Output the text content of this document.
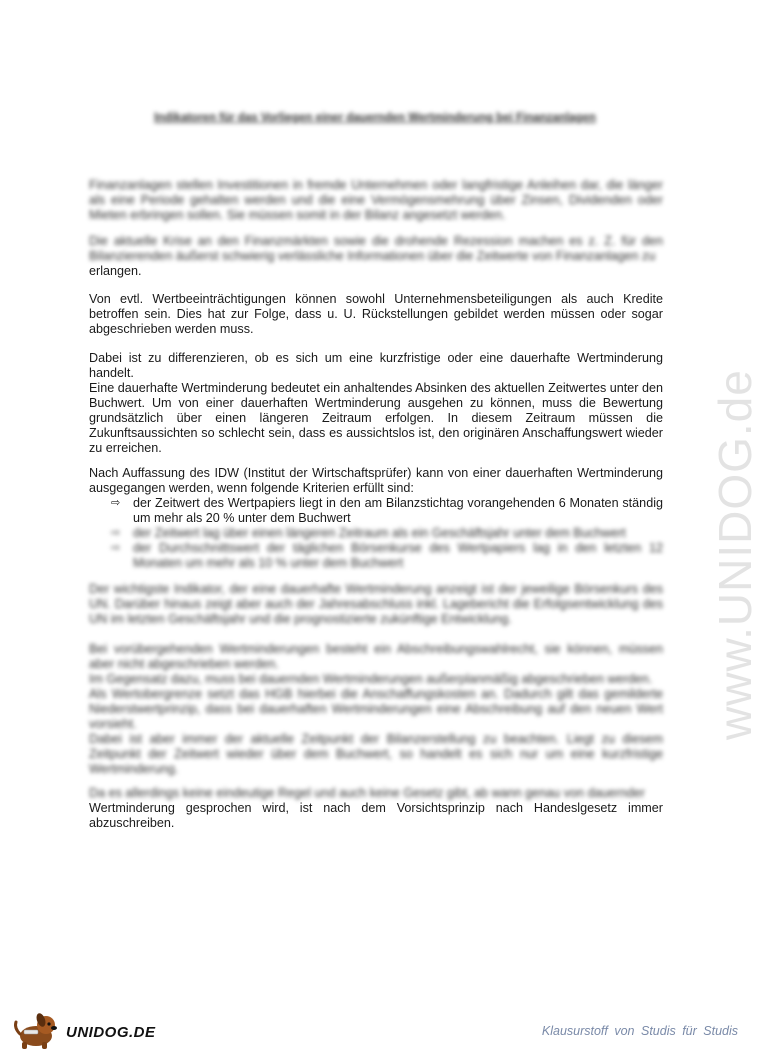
www.UNIDOG.de
Indikatoren für das Vorliegen einer dauernden Wertminderung bei Finanzanlagen

Finanzanlagen stellen Investitionen in fremde Unternehmen oder langfristige Anleihen dar, die länger als eine Periode gehalten werden und die eine Vermögensmehrung über Zinsen, Dividenden oder Mieten erbringen sollen. Sie müssen somit in der Bilanz angesetzt werden.

Die aktuelle Krise an den Finanzmärkten sowie die drohende Rezession machen es z. Z. für den Bilanzierenden äußerst schwierig verlässliche Informationen über die Zeitwerte von Finanzanlagen zu

erlangen.

Von evtl. Wertbeeinträchtigungen können sowohl Unternehmensbeteiligungen als auch Kredite betroffen sein. Dies hat zur Folge, dass u. U. Rückstellungen gebildet werden müssen oder sogar abgeschrieben werden muss.

Dabei ist zu differenzieren, ob es sich um eine kurzfristige oder eine dauerhafte Wertminderung handelt.

Eine dauerhafte Wertminderung bedeutet ein anhaltendes Absinken des aktuellen Zeitwertes unter den Buchwert. Um von einer dauerhaften Wertminderung ausgehen zu können, muss die Bewertung grundsätzlich über einen längeren Zeitraum erfolgen. In diesem Zeitraum müssen die Zukunftsaussichten so schlecht sein, dass es aussichtslos ist, den originären Anschaffungswert wieder zu erreichen.

Nach Auffassung des IDW (Institut der Wirtschaftsprüfer) kann von einer dauerhaften Wertminderung ausgegangen werden, wenn folgende Kriterien erfüllt sind:

⇨ der Zeitwert des Wertpapiers liegt in den am Bilanzstichtag vorangehenden 6 Monaten ständig um mehr als 20 % unter dem Buchwert
⇨ der Zeitwert lag über einen längeren Zeitraum als ein Geschäftsjahr unter dem Buchwert
⇨ der Durchschnittswert der täglichen Börsenkurse des Wertpapiers lag in den letzten 12 Monaten um mehr als 10 % unter dem Buchwert

Der wichtigste Indikator, der eine dauerhafte Wertminderung anzeigt ist der jeweilige Börsenkurs des UN. Darüber hinaus zeigt aber auch der Jahresabschluss inkl. Lagebericht die Erfolgsentwicklung des UN im letzten Geschäftsjahr und die prognostizierte zukünftige Entwicklung.

Bei vorübergehenden Wertminderungen besteht ein Abschreibungswahlrecht, sie können, müssen aber nicht abgeschrieben werden.

Im Gegensatz dazu, muss bei dauernden Wertminderungen außerplanmäßig abgeschrieben werden.

Als Wertobergrenze setzt das HGB hierbei die Anschaffungskosten an. Dadurch gilt das gemilderte Niederstwertprinzip, dass bei dauerhaften Wertminderungen eine Abschreibung auf den neuen Wert vorsieht.

Dabei ist aber immer der aktuelle Zeitpunkt der Bilanzerstellung zu beachten. Liegt zu diesem Zeitpunkt der Zeitwert wieder über dem Buchwert, so handelt es sich nur um eine kurzfristige Wertminderung.

Da es allerdings keine eindeutige Regel und auch keine Gesetz gibt, ab wann genau von dauernder

Wertminderung gesprochen wird, ist nach dem Vorsichtsprinzip nach Handeslgesetz immer abzuschreiben.

UNIDOG.DE	Klausurstoff von Studis für Studis
